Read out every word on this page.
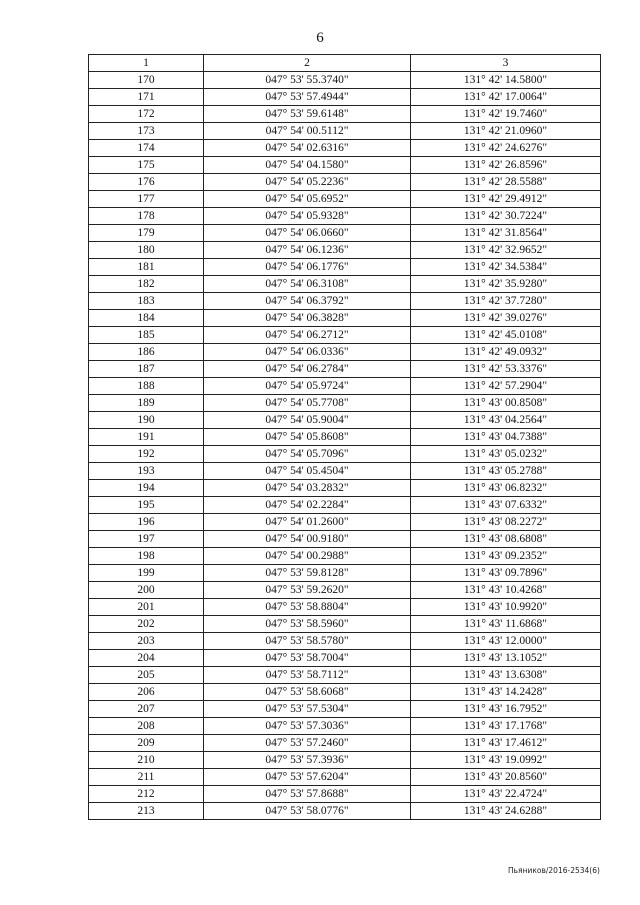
6
1	2	3
170	047° 53' 55.3740"	131° 42' 14.5800"
171	047° 53' 57.4944"	131° 42' 17.0064"
172	047° 53' 59.6148"	131° 42' 19.7460"
173	047° 54' 00.5112"	131° 42' 21.0960"
174	047° 54' 02.6316"	131° 42' 24.6276"
175	047° 54' 04.1580"	131° 42' 26.8596"
176	047° 54' 05.2236"	131° 42' 28.5588"
177	047° 54' 05.6952"	131° 42' 29.4912"
178	047° 54' 05.9328"	131° 42' 30.7224"
179	047° 54' 06.0660"	131° 42' 31.8564"
180	047° 54' 06.1236"	131° 42' 32.9652"
181	047° 54' 06.1776"	131° 42' 34.5384"
182	047° 54' 06.3108"	131° 42' 35.9280"
183	047° 54' 06.3792"	131° 42' 37.7280"
184	047° 54' 06.3828"	131° 42' 39.0276"
185	047° 54' 06.2712"	131° 42' 45.0108"
186	047° 54' 06.0336"	131° 42' 49.0932"
187	047° 54' 06.2784"	131° 42' 53.3376"
188	047° 54' 05.9724"	131° 42' 57.2904"
189	047° 54' 05.7708"	131° 43' 00.8508"
190	047° 54' 05.9004"	131° 43' 04.2564"
191	047° 54' 05.8608"	131° 43' 04.7388"
192	047° 54' 05.7096"	131° 43' 05.0232"
193	047° 54' 05.4504"	131° 43' 05.2788"
194	047° 54' 03.2832"	131° 43' 06.8232"
195	047° 54' 02.2284"	131° 43' 07.6332"
196	047° 54' 01.2600"	131° 43' 08.2272"
197	047° 54' 00.9180"	131° 43' 08.6808"
198	047° 54' 00.2988"	131° 43' 09.2352"
199	047° 53' 59.8128"	131° 43' 09.7896"
200	047° 53' 59.2620"	131° 43' 10.4268"
201	047° 53' 58.8804"	131° 43' 10.9920"
202	047° 53' 58.5960"	131° 43' 11.6868"
203	047° 53' 58.5780"	131° 43' 12.0000"
204	047° 53' 58.7004"	131° 43' 13.1052"
205	047° 53' 58.7112"	131° 43' 13.6308"
206	047° 53' 58.6068"	131° 43' 14.2428"
207	047° 53' 57.5304"	131° 43' 16.7952"
208	047° 53' 57.3036"	131° 43' 17.1768"
209	047° 53' 57.2460"	131° 43' 17.4612"
210	047° 53' 57.3936"	131° 43' 19.0992"
211	047° 53' 57.6204"	131° 43' 20.8560"
212	047° 53' 57.8688"	131° 43' 22.4724"
213	047° 53' 58.0776"	131° 43' 24.6288"
Пьяников/2016-2534(6)
